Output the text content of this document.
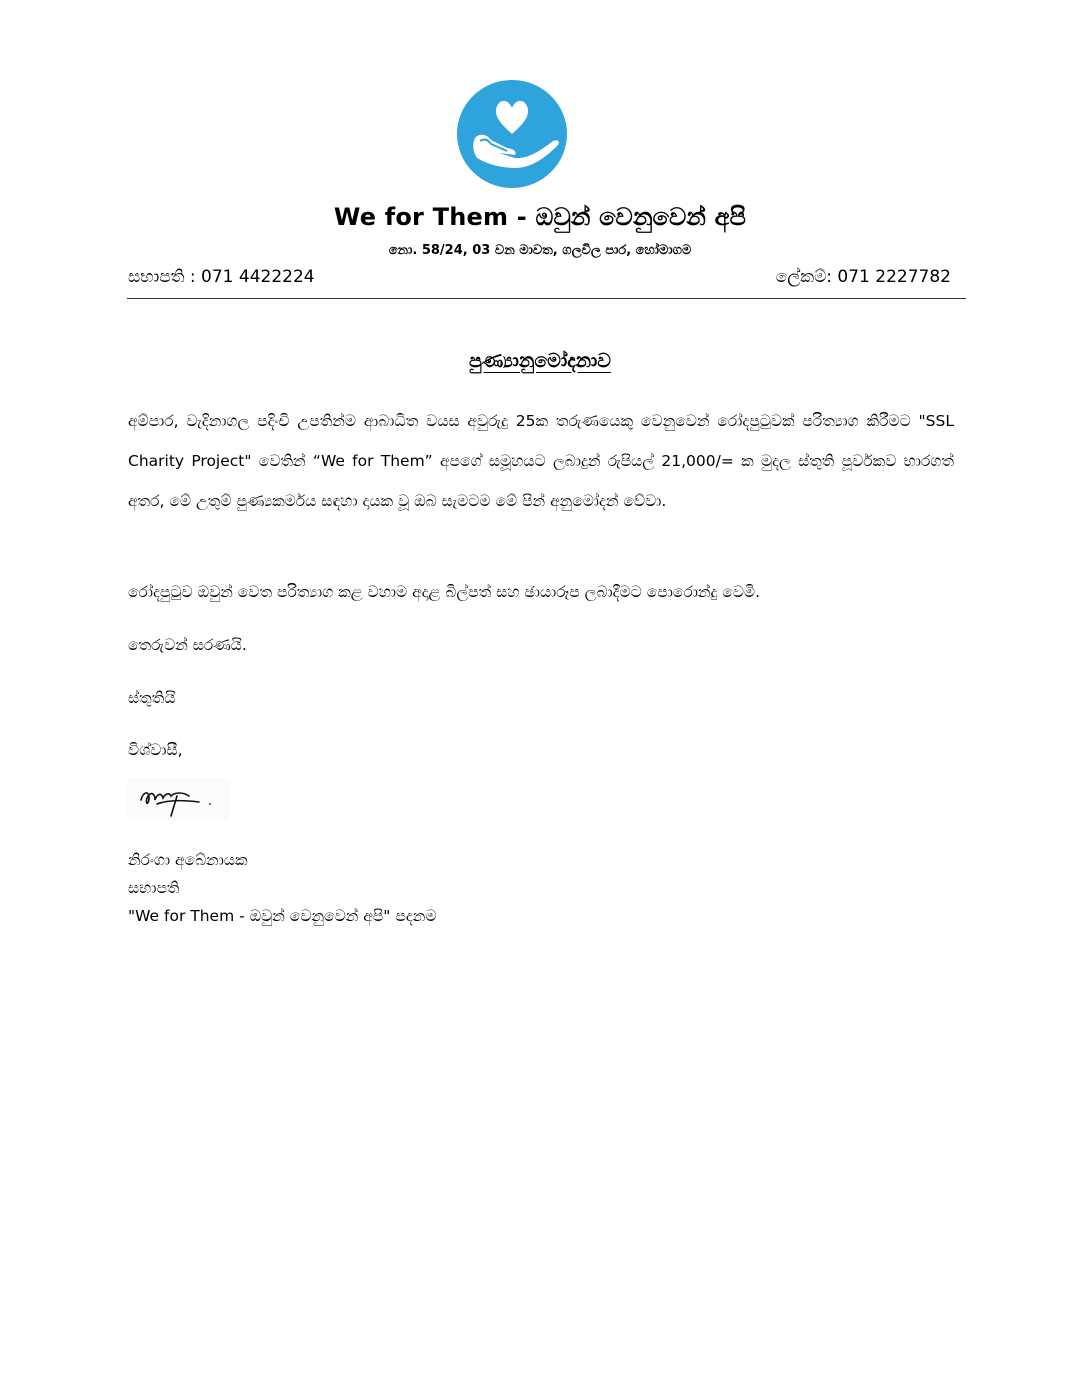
We for Them - ඔවුන් වෙනුවෙන් අපි
නො. 58/24, 03 වන මාවත, ගලවිල පාර, හෝමාගම
සභාපති : 071 4422224	ලේකම්: 071 2227782
පුණ්‍යානුමෝදනාව
අම්පාර, වැදිනාගල පදිංචි උපතින්ම ආබාධිත වයස අවුරුදු 25ක තරුණයෙකු වෙනුවෙන් රෝදපුටුවක් පරිත්‍යාග කිරීමට "SSL Charity Project" වෙතින් “We for Them” අපගේ සමූහයට ලබාදුන් රුපියල් 21,000/= ක මුදල ස්තුති පූර්වකව භාරගත් අතර, මේ උතුම් පුණ්‍යකර්මය සඳහා දායක වූ ඔබ සැමටම මේ පින් අනුමෝදන් වේවා.
රෝදපුටුව ඔවුන් වෙත පරිත්‍යාග කළ වහාම අදාළ බිල්පත් සහ ඡායාරූප ලබාදීමට පොරොන්දු වෙමි.
තෙරුවන් සරණයි.
ස්තුතියි
විශ්වාසී,
නිරංගා අබේනායක
සභාපති
"We for Them - ඔවුන් වෙනුවෙන් අපි" පදනම
